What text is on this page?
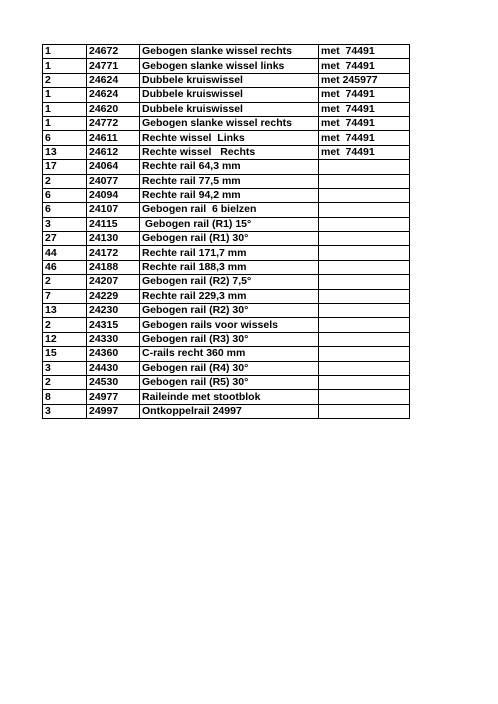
1	24672	Gebogen slanke wissel rechts	met  74491
1	24771	Gebogen slanke wissel links	met  74491
2	24624	Dubbele kruiswissel	met 245977
1	24624	Dubbele kruiswissel	met  74491
1	24620	Dubbele kruiswissel	met  74491
1	24772	Gebogen slanke wissel rechts	met  74491
6	24611	Rechte wissel  Links	met  74491
13	24612	Rechte wissel   Rechts	met  74491
17	24064	Rechte rail 64,3 mm	
2	24077	Rechte rail 77,5 mm	
6	24094	Rechte rail 94,2 mm	
6	24107	Gebogen rail  6 bielzen	
3	24115	Gebogen rail (R1) 15°	
27	24130	Gebogen rail (R1) 30°	
44	24172	Rechte rail 171,7 mm	
46	24188	Rechte rail 188,3 mm	
2	24207	Gebogen rail (R2) 7,5°	
7	24229	Rechte rail 229,3 mm	
13	24230	Gebogen rail (R2) 30°	
2	24315	Gebogen rails voor wissels	
12	24330	Gebogen rail (R3) 30°	
15	24360	C-rails recht 360 mm	
3	24430	Gebogen rail (R4) 30°	
2	24530	Gebogen rail (R5) 30°	
8	24977	Raileinde met stootblok	
3	24997	Ontkoppelrail 24997	
